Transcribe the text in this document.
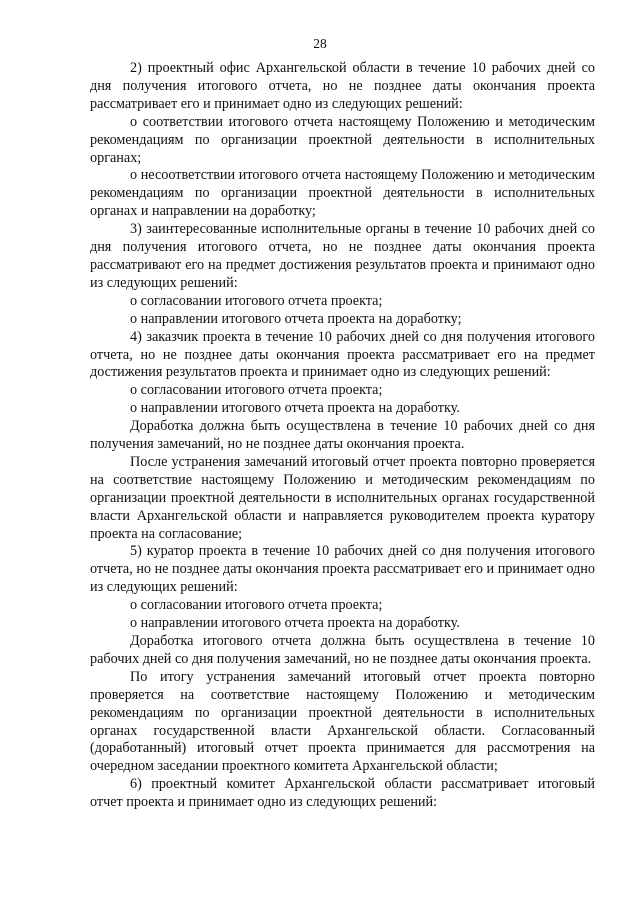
28

2) проектный офис Архангельской области в течение 10 рабочих дней со дня получения итогового отчета, но не позднее даты окончания проекта рассматривает его и принимает одно из следующих решений:

о соответствии итогового отчета настоящему Положению и методическим рекомендациям по организации проектной деятельности в исполнительных органах;

о несоответствии итогового отчета настоящему Положению и методическим рекомендациям по организации проектной деятельности в исполнительных органах и направлении на доработку;

3) заинтересованные исполнительные органы в течение 10 рабочих дней со дня получения итогового отчета, но не позднее даты окончания проекта рассматривают его на предмет достижения результатов проекта и принимают одно из следующих решений:

о согласовании итогового отчета проекта;

о направлении итогового отчета проекта на доработку;

4) заказчик проекта в течение 10 рабочих дней со дня получения итогового отчета, но не позднее даты окончания проекта рассматривает его на предмет достижения результатов проекта и принимает одно из следующих решений:

о согласовании итогового отчета проекта;

о направлении итогового отчета проекта на доработку.

Доработка должна быть осуществлена в течение 10 рабочих дней со дня получения замечаний, но не позднее даты окончания проекта.

После устранения замечаний итоговый отчет проекта повторно проверяется на соответствие настоящему Положению и методическим рекомендациям по организации проектной деятельности в исполнительных органах государственной власти Архангельской области и направляется руководителем проекта куратору проекта на согласование;

5) куратор проекта в течение 10 рабочих дней со дня получения итогового отчета, но не позднее даты окончания проекта рассматривает его и принимает одно из следующих решений:

о согласовании итогового отчета проекта;

о направлении итогового отчета проекта на доработку.

Доработка итогового отчета должна быть осуществлена в течение 10 рабочих дней со дня получения замечаний, но не позднее даты окончания проекта.

По итогу устранения замечаний итоговый отчет проекта повторно проверяется на соответствие настоящему Положению и методическим рекомендациям по организации проектной деятельности в исполнительных органах государственной власти Архангельской области. Согласованный (доработанный) итоговый отчет проекта принимается для рассмотрения на очередном заседании проектного комитета Архангельской области;

6) проектный комитет Архангельской области рассматривает итоговый отчет проекта и принимает одно из следующих решений:
